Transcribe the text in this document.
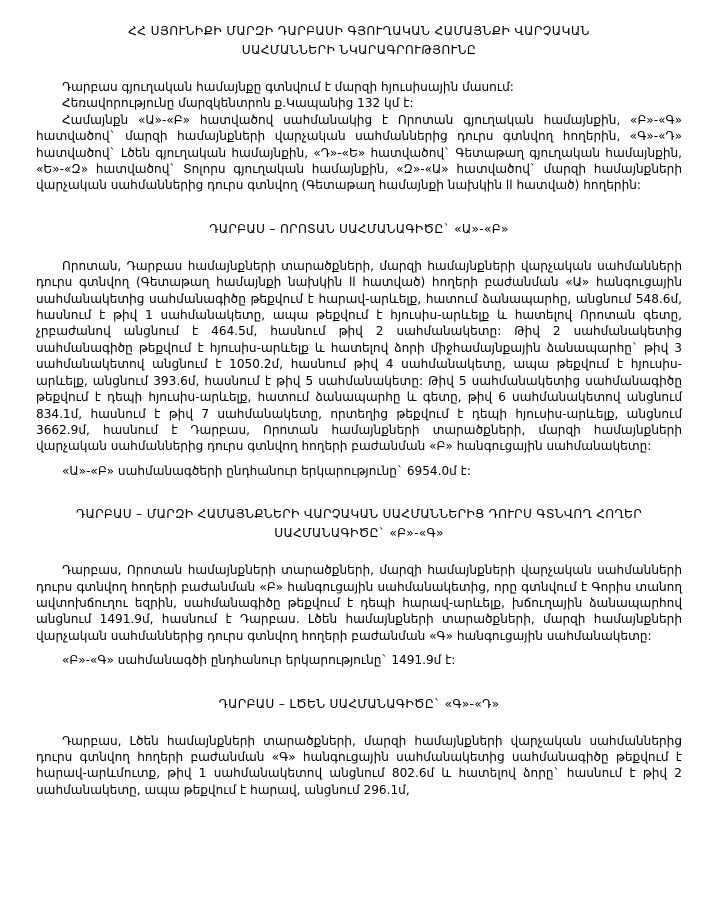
ՀՀ ՍՅՈՒՆԻՔԻ ՄԱՐԶԻ ԴԱՐԲԱՍԻ ԳՅՈՒՂԱԿԱՆ ՀԱՄԱՅՆՔԻ ՎԱՐՉԱԿԱՆ
ՍԱՀՄԱՆՆԵՐԻ ՆԿԱՐԱԳՐՈՒԹՅՈՒՆԸ

Դարբաս գյուղական համայնքը գտնվում է մարզի հյուսիսային մասում:

Հեռավորությունը մարզկենտրոն ք.Կապանից 132 կմ է:

Համայնքն «Ա»-«Բ» հատվածով սահմանակից է Որոտան գյուղական համայնքին, «Բ»-«Գ» հատվածով` մարզի համայնքների վարչական սահմաններից դուրս գտնվող հողերին, «Գ»-«Դ» հատվածով` Լծեն գյուղական համայնքին, «Դ»-«Ե» հատվածով` Գետաթաղ գյուղական համայնքին, «Ե»-«Զ» հատվածով` Տոլորս գյուղական համայնքին, «Զ»-«Ա» հատվածով` մարզի համայնքների վարչական սահմաններից դուրս գտնվող (Գետաթաղ համայնքի նախկին ll հատված) հողերին:

ԴԱՐԲԱՍ – ՈՐՈՏԱՆ ՍԱՀՄԱՆԱԳԻԾԸ` «Ա»-«Բ»

Որոտան, Դարբաս համայնքների տարածքների, մարզի համայնքների վարչական սահմանների դուրս գտնվող (Գետաթաղ համայնքի նախկին ll հատված) հողերի բաժանման «Ա» հանգուցային սահմանակետից սահմանագիծը թեքվում է հարավ-արևելք, հատում ձանապարհը, անցնում 548.6մ, հասնում է թիվ 1 սահմանակետը, ապա թեքվում է հյուսիս-արևելք և հատելով Որոտան գետը, չրբաժանով անցնում է 464.5մ, հասնում թիվ 2 սահմանակետը: Թիվ 2 սահմանակետից սահմանագիծը թեքվում է հյուսիս-արևելք և հատելով ձորի միջհամայնքային ձանապարհը` թիվ 3 սահմանակետով անցնում է 1050.2մ, հասնում թիվ 4 սահմանակետը, ապա թեքվում է հյուսիս-արևելք, անցնում 393.6մ, հասնում է թիվ 5 սահմանակետը: Թիվ 5 սահմանակետից սահմանագիծը թեքվում է դեպի հյուսիս-արևելք, հատում ձանապարհը և գետը, թիվ 6 սահմանակետով անցնում 834.1մ, հասնում է թիվ 7 սահմանակետը, որտեղից թեքվում է դեպի հյուսիս-արևելք, անցնում 3662.9մ, հասնում է Դարբաս, Որոտան համայնքների տարածքների, մարզի համայնքների վարչական սահմաններից դուրս գտնվող հողերի բաժանման «Բ» հանգուցային սահմանակետը:

«Ա»-«Բ» սահմանագծերի ընդհանուր երկարությունը` 6954.0մ է:

ԴԱՐԲԱՍ – ՄԱՐԶԻ ՀԱՄԱՅՆՔՆԵՐԻ ՎԱՐՉԱԿԱՆ ՍԱՀՄԱՆՆԵՐԻՑ ԴՈՒՐՍ ԳՏՆՎՈՂ ՀՈՂԵՐ
ՍԱՀՄԱՆԱԳԻԾԸ` «Բ»-«Գ»

Դարբաս, Որոտան համայնքների տարածքների, մարզի համայնքների վարչական սահմանների դուրս գտնվող հողերի բաժանման «Բ» հանգուցային սահմանակետից, որը գտնվում է Գորիս տանող ավտոխճուղու եզրին, սահմանագիծը թեքվում է դեպի հարավ-արևելք, խճուղային ձանապարհով անցնում 1491.9մ, հասնում է Դարբաս. Լծեն համայնքների տարածքների, մարզի համայնքների վարչական սահմաններից դուրս գտնվող հողերի բաժանման «Գ» հանգուցային սահմանակետը:

«Բ»-«Գ» սահմանագծի ընդհանուր երկարությունը` 1491.9մ է:

ԴԱՐԲԱՍ – ԼԾԵՆ ՍԱՀՄԱՆԱԳԻԾԸ` «Գ»-«Դ»

Դարբաս, Լծեն համայնքների տարածքների, մարզի համայնքների վարչական սահմաններից դուրս գտնվող հողերի բաժանման «Գ» հանգուցային սահմանակետից սահմանագիծը թեքվում է հարավ-արևմուտք, թիվ 1 սահմանակետով անցնում 802.6մ և հատելով ձորը` հասնում է թիվ 2 սահմանակետը, ապա թեքվում է հարավ, անցնում 296.1մ,
